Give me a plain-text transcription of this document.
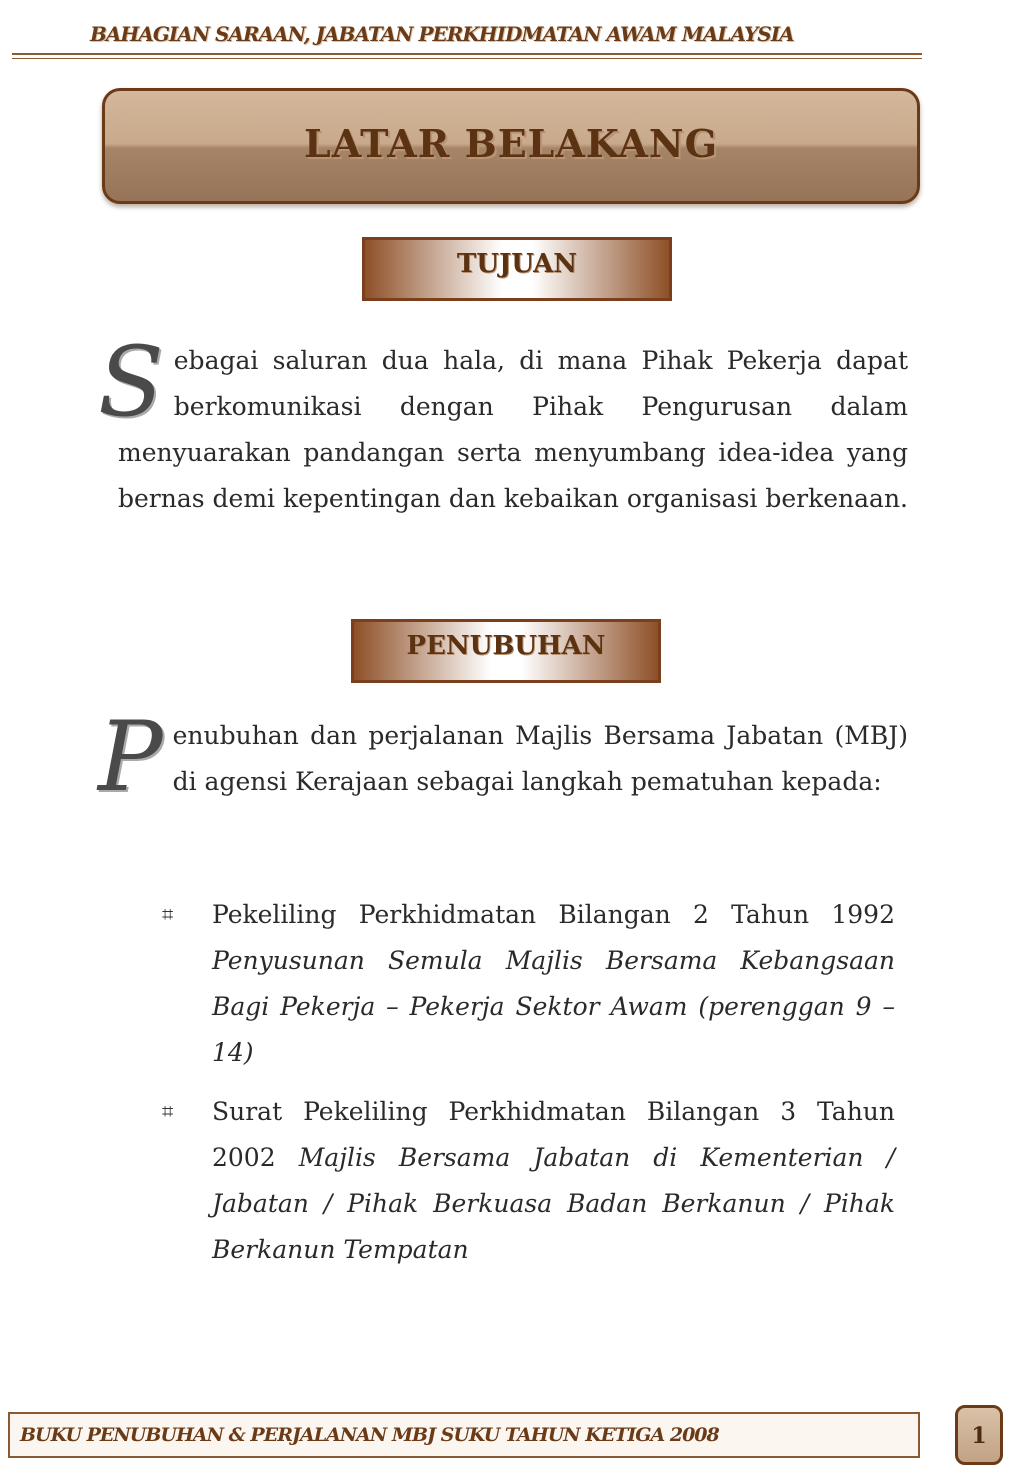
BAHAGIAN SARAAN, JABATAN PERKHIDMATAN AWAM MALAYSIA
LATAR BELAKANG
TUJUAN
S ebagai saluran dua hala, di mana Pihak Pekerja dapat berkomunikasi dengan Pihak Pengurusan dalam menyuarakan pandangan serta menyumbang idea-idea yang bernas demi kepentingan dan kebaikan organisasi berkenaan.
PENUBUHAN
P enubuhan dan perjalanan Majlis Bersama Jabatan (MBJ) di agensi Kerajaan sebagai langkah pematuhan kepada:
⌗ Pekeliling Perkhidmatan Bilangan 2 Tahun 1992 Penyusunan Semula Majlis Bersama Kebangsaan Bagi Pekerja – Pekerja Sektor Awam (perenggan 9 – 14)
⌗ Surat Pekeliling Perkhidmatan Bilangan 3 Tahun 2002 Majlis Bersama Jabatan di Kementerian / Jabatan / Pihak Berkuasa Badan Berkanun / Pihak Berkanun Tempatan
BUKU PENUBUHAN & PERJALANAN MBJ SUKU TAHUN KETIGA 2008	1
